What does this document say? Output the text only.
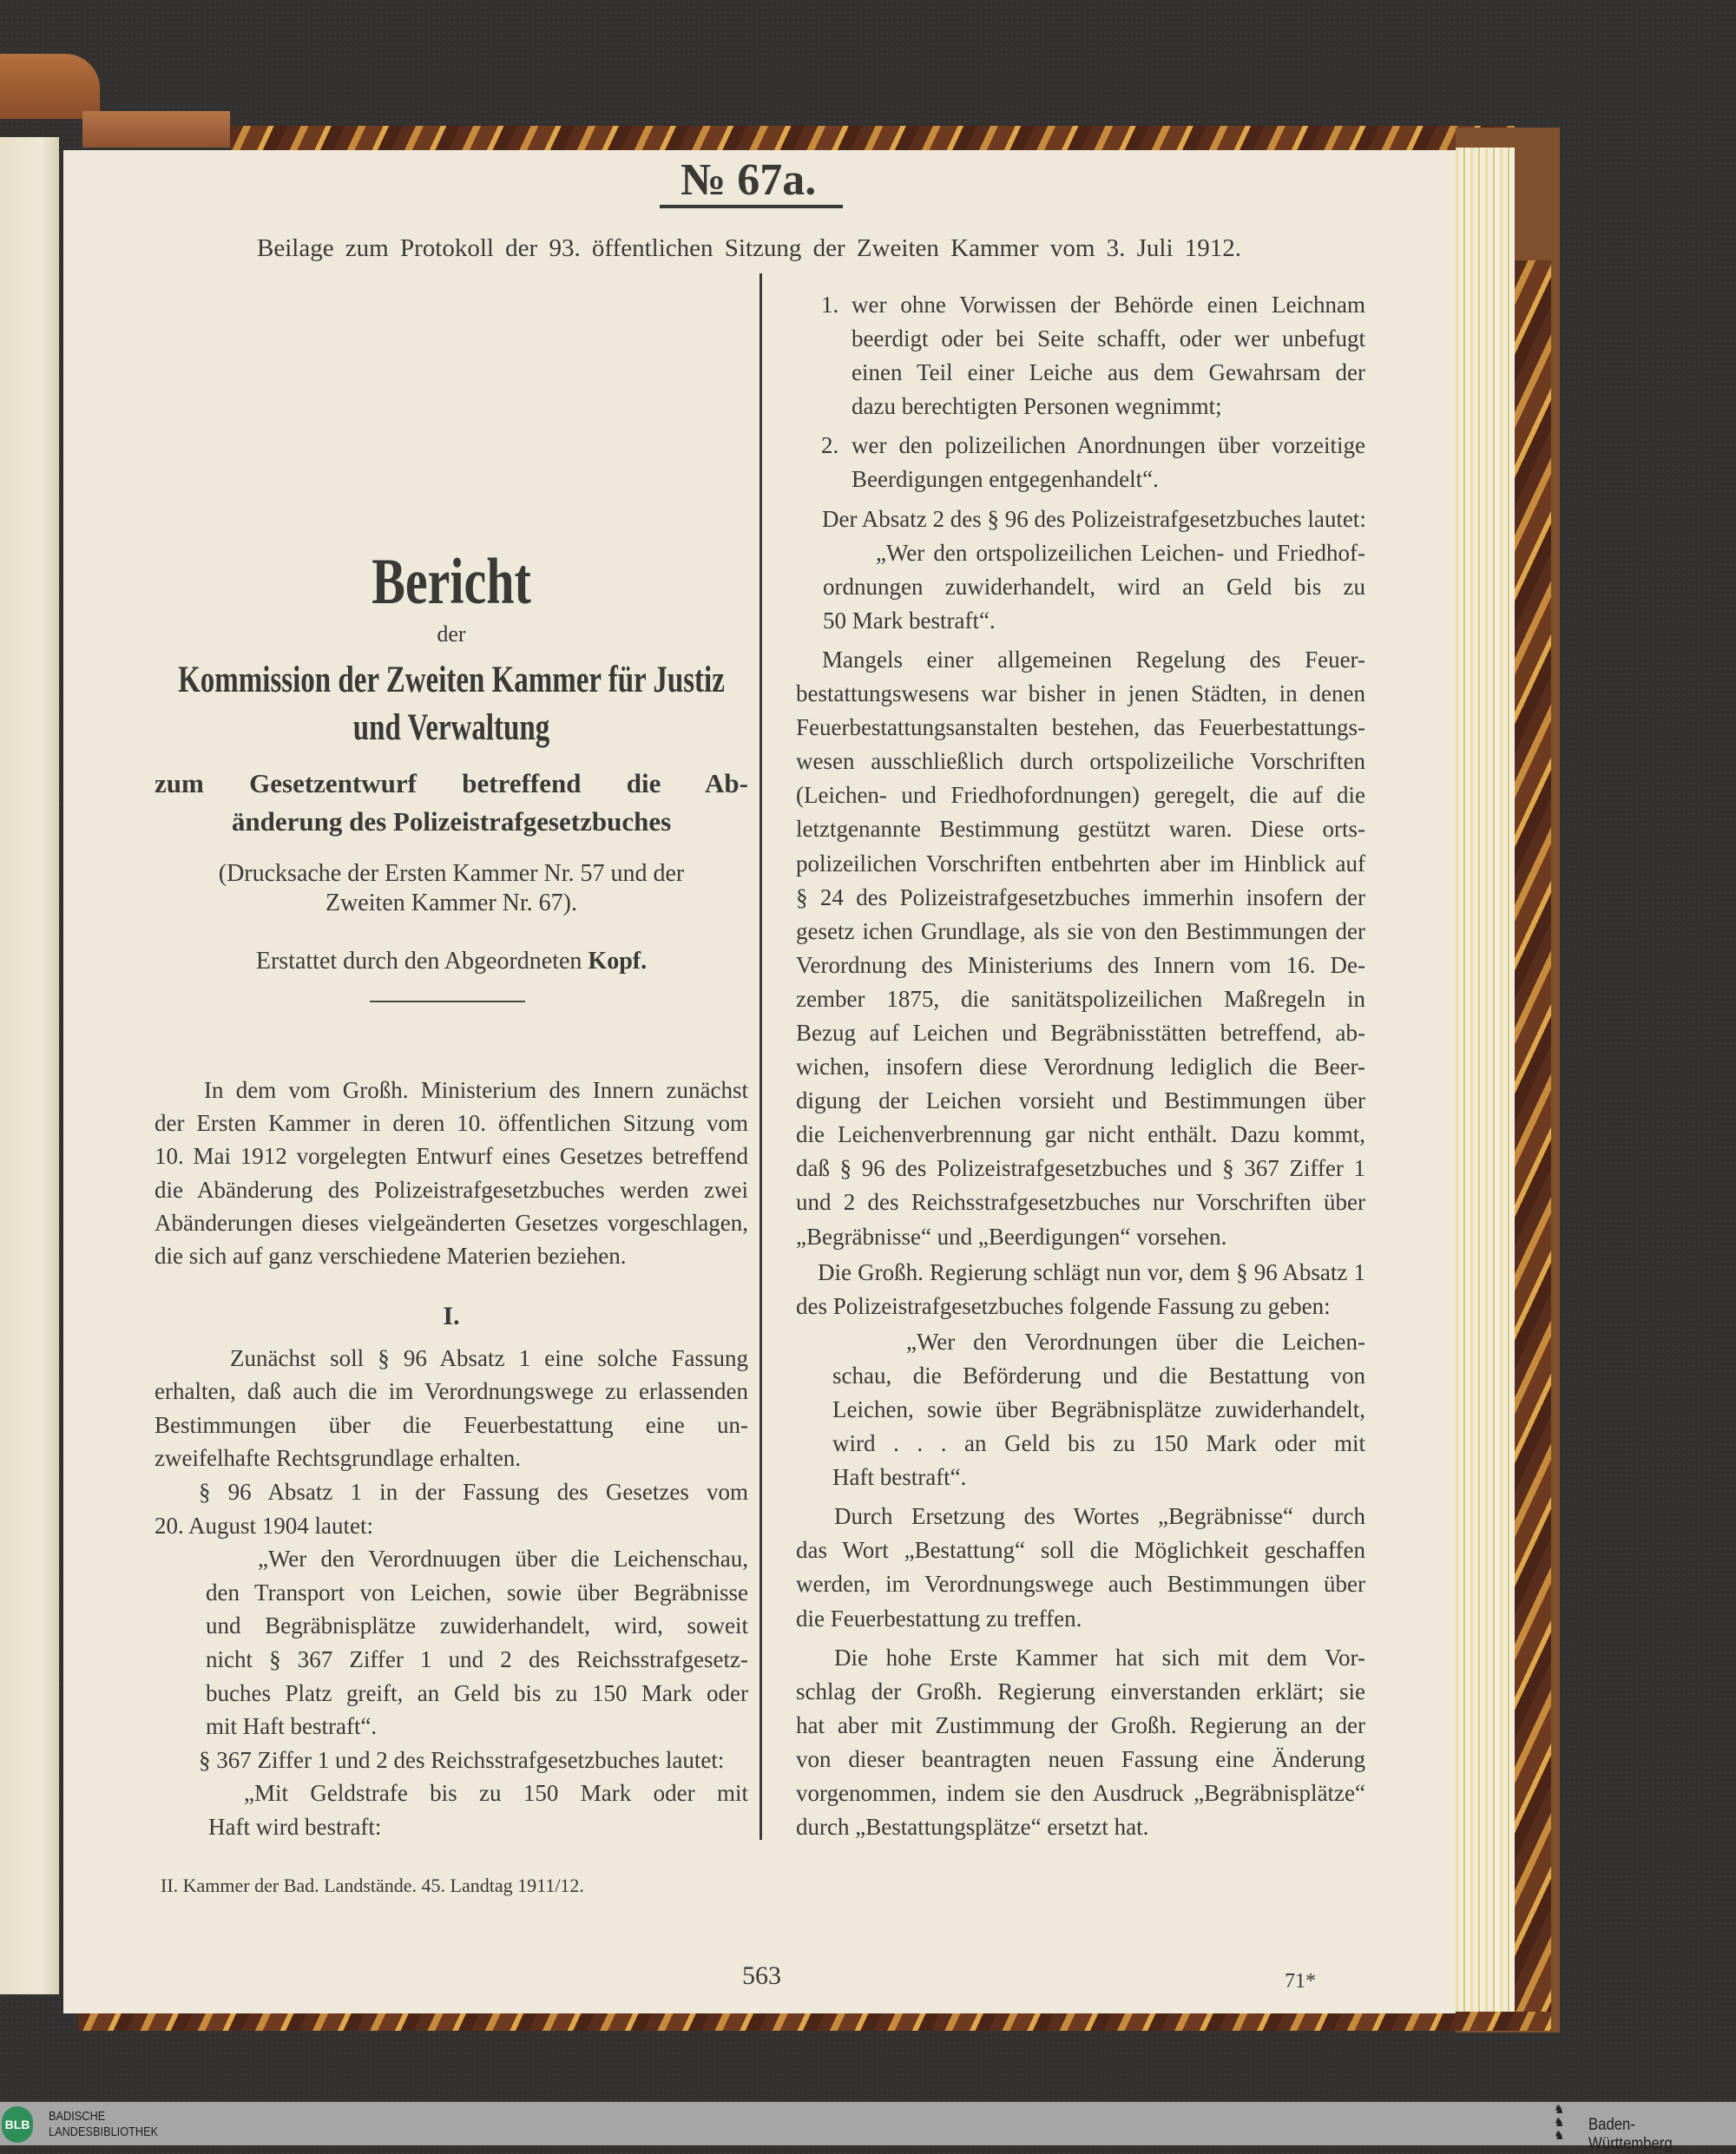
№ 67a.
Beilage zum Protokoll der 93. öffentlichen Sitzung der Zweiten Kammer vom 3. Juli 1912.
Bericht
der
Kommission der Zweiten Kammer für Justiz
und Verwaltung
zum Gesetzentwurf betreffend die Ab-
änderung des Polizeistrafgesetzbuches
(Drucksache der Ersten Kammer Nr. 57 und der
Zweiten Kammer Nr. 67).
Erstattet durch den Abgeordneten Kopf.
In dem vom Großh. Ministerium des Innern zunächst
der Ersten Kammer in deren 10. öffentlichen Sitzung vom
10. Mai 1912 vorgelegten Entwurf eines Gesetzes betreffend
die Abänderung des Polizeistrafgesetzbuches werden zwei
Abänderungen dieses vielgeänderten Gesetzes vorgeschlagen,
die sich auf ganz verschiedene Materien beziehen.
I.
Zunächst soll § 96 Absatz 1 eine solche Fassung
erhalten, daß auch die im Verordnungswege zu erlassenden
Bestimmungen über die Feuerbestattung eine un-
zweifelhafte Rechtsgrundlage erhalten.
§ 96 Absatz 1 in der Fassung des Gesetzes vom
20. August 1904 lautet:
„Wer den Verordnuugen über die Leichenschau,
den Transport von Leichen, sowie über Begräbnisse
und Begräbnisplätze zuwiderhandelt, wird, soweit
nicht § 367 Ziffer 1 und 2 des Reichsstrafgesetz-
buches Platz greift, an Geld bis zu 150 Mark oder
mit Haft bestraft“.
§ 367 Ziffer 1 und 2 des Reichsstrafgesetzbuches lautet:
„Mit Geldstrafe bis zu 150 Mark oder mit
Haft wird bestraft:
1. wer ohne Vorwissen der Behörde einen Leichnam
beerdigt oder bei Seite schafft, oder wer unbefugt
einen Teil einer Leiche aus dem Gewahrsam der
dazu berechtigten Personen wegnimmt;
2. wer den polizeilichen Anordnungen über vorzeitige
Beerdigungen entgegenhandelt“.
Der Absatz 2 des § 96 des Polizeistrafgesetzbuches lautet:
„Wer den ortspolizeilichen Leichen- und Friedhof-
ordnungen zuwiderhandelt, wird an Geld bis zu
50 Mark bestraft“.
Mangels einer allgemeinen Regelung des Feuer-
bestattungswesens war bisher in jenen Städten, in denen
Feuerbestattungsanstalten bestehen, das Feuerbestattungs-
wesen ausschließlich durch ortspolizeiliche Vorschriften
(Leichen- und Friedhofordnungen) geregelt, die auf die
letztgenannte Bestimmung gestützt waren. Diese orts-
polizeilichen Vorschriften entbehrten aber im Hinblick auf
§ 24 des Polizeistrafgesetzbuches immerhin insofern der
gesetz ichen Grundlage, als sie von den Bestimmungen der
Verordnung des Ministeriums des Innern vom 16. De-
zember 1875, die sanitätspolizeilichen Maßregeln in
Bezug auf Leichen und Begräbnisstätten betreffend, ab-
wichen, insofern diese Verordnung lediglich die Beer-
digung der Leichen vorsieht und Bestimmungen über
die Leichenverbrennung gar nicht enthält. Dazu kommt,
daß § 96 des Polizeistrafgesetzbuches und § 367 Ziffer 1
und 2 des Reichsstrafgesetzbuches nur Vorschriften über
„Begräbnisse“ und „Beerdigungen“ vorsehen.
Die Großh. Regierung schlägt nun vor, dem § 96 Absatz 1
des Polizeistrafgesetzbuches folgende Fassung zu geben:
„Wer den Verordnungen über die Leichen-
schau, die Beförderung und die Bestattung von
Leichen, sowie über Begräbnisplätze zuwiderhandelt,
wird . . . an Geld bis zu 150 Mark oder mit
Haft bestraft“.
Durch Ersetzung des Wortes „Begräbnisse“ durch
das Wort „Bestattung“ soll die Möglichkeit geschaffen
werden, im Verordnungswege auch Bestimmungen über
die Feuerbestattung zu treffen.
Die hohe Erste Kammer hat sich mit dem Vor-
schlag der Großh. Regierung einverstanden erklärt; sie
hat aber mit Zustimmung der Großh. Regierung an der
von dieser beantragten neuen Fassung eine Änderung
vorgenommen, indem sie den Ausdruck „Begräbnisplätze“
durch „Bestattungsplätze“ ersetzt hat.
II. Kammer der Bad. Landstände. 45. Landtag 1911/12.
563	71*
BLB
BADISCHE
LANDESBIBLIOTHEK
♞
♞
♞
Baden-Württemberg
